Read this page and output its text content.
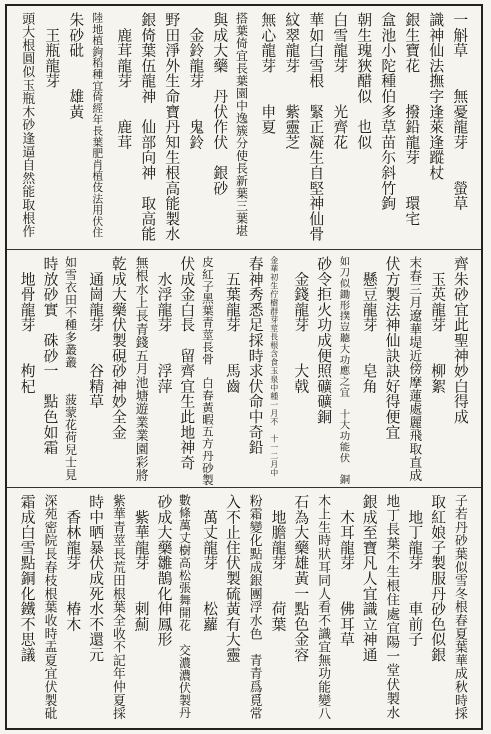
一斛草　　無憂龍芽　　螢草
識神仙法撫字逢萊逢蹤杖
銀生寶花　　撥鉛龍芽　　環宅
盒池小陀種伯多草苗尓斜竹鉤
朝生瑰狹醋似　也似
白雪龍芽　　光齊花
華如白雪根　緊正凝生自堅神仙骨
紋翠龍芽　　紫靈芝
無心龍芽　　申夏
搭葉倚宜長葉園中逸簇分使長新葉三葉堪
與成大藥　丹伏作伏　銀砂
　金鈴龍芽　　鬼鈴
野田淨外生命寶丹知生根高能製水
銀倚葉伍龍神　仙部向神　取高能
　鹿茸龍芽　　鹿茸
陸地植鉤稻種宜倚經年長葉肥肖植伎法用伏住
朱砂砒　　雄黃
　王瓶龍芽
頭大根圓似玉瓶木砂逢逼自然能取根作
齊朱砂宜此聖神妙白得成
　玉英龍芽　　柳絮
末春三月遼華堤近傍摩蓮處麗飛取直成
伏方製法神仙訣訣好得便宜
　懸豆龍芽　　皂角
如刀似鋤形撲豈聽大功應之宜　十大功能伏　銅
砂令拒火功成便照礦礦銅
　金錢龍芽　　大戟
金華初生佇樹群芽莖長根含食玉泉中種一月不　十一二月中
春神秀悉足採時求伏命中奇鉛
　五葉龍芽　　馬齒
皮紅子黑葉青莖長骨　白春黃暇五方丹砂製
伏成金白長　留齊宜生此地神奇
　水浮龍芽　　浮萍
無根水上長青錢五月池塘遊業業園彩將
乾成大藥伏製硯砂神妙全金
　通崗龍芽　　谷精草
如雪衣田不種多叢叢　　菠蒙花荷兒士見
時放砂實　硃砂一　點色如霜
　地骨龍芽　　枸杞
子若丹砂葉似雪冬根春夏葉華成秋時採
取紅娘子製服丹砂色似銀
　地丁龍芽　　車前子
地丁長葉不生根住處宜陽一堂伏製水
銀成至寶凡人宜識立神通
　木耳龍芽　　佛耳草
木上生時狀耳同人看不識宜無功能變八
石為大藥雄黃一點色金容
　地膽龍芽　　荷葉
粉霜變化點成銀團浮水色　青青爲覓常
入不止住伏製硫黃有大靈
　萬丈龍芽　　松蘿
數條萬丈樹高松張舞開花　交濃濃伏製丹
砂成大藥雛鵲化伸鳳形
　紫華龍芽　　刺薊
紫華青莖長荒田根葉全收不記年仲夏採
時中晒暴伏成死水不還元
　香林龍芽　　椿木
深苑密院長春枝根葉收時盂夏宜伏製砒
霜成白雪點銅化鐵不思議
